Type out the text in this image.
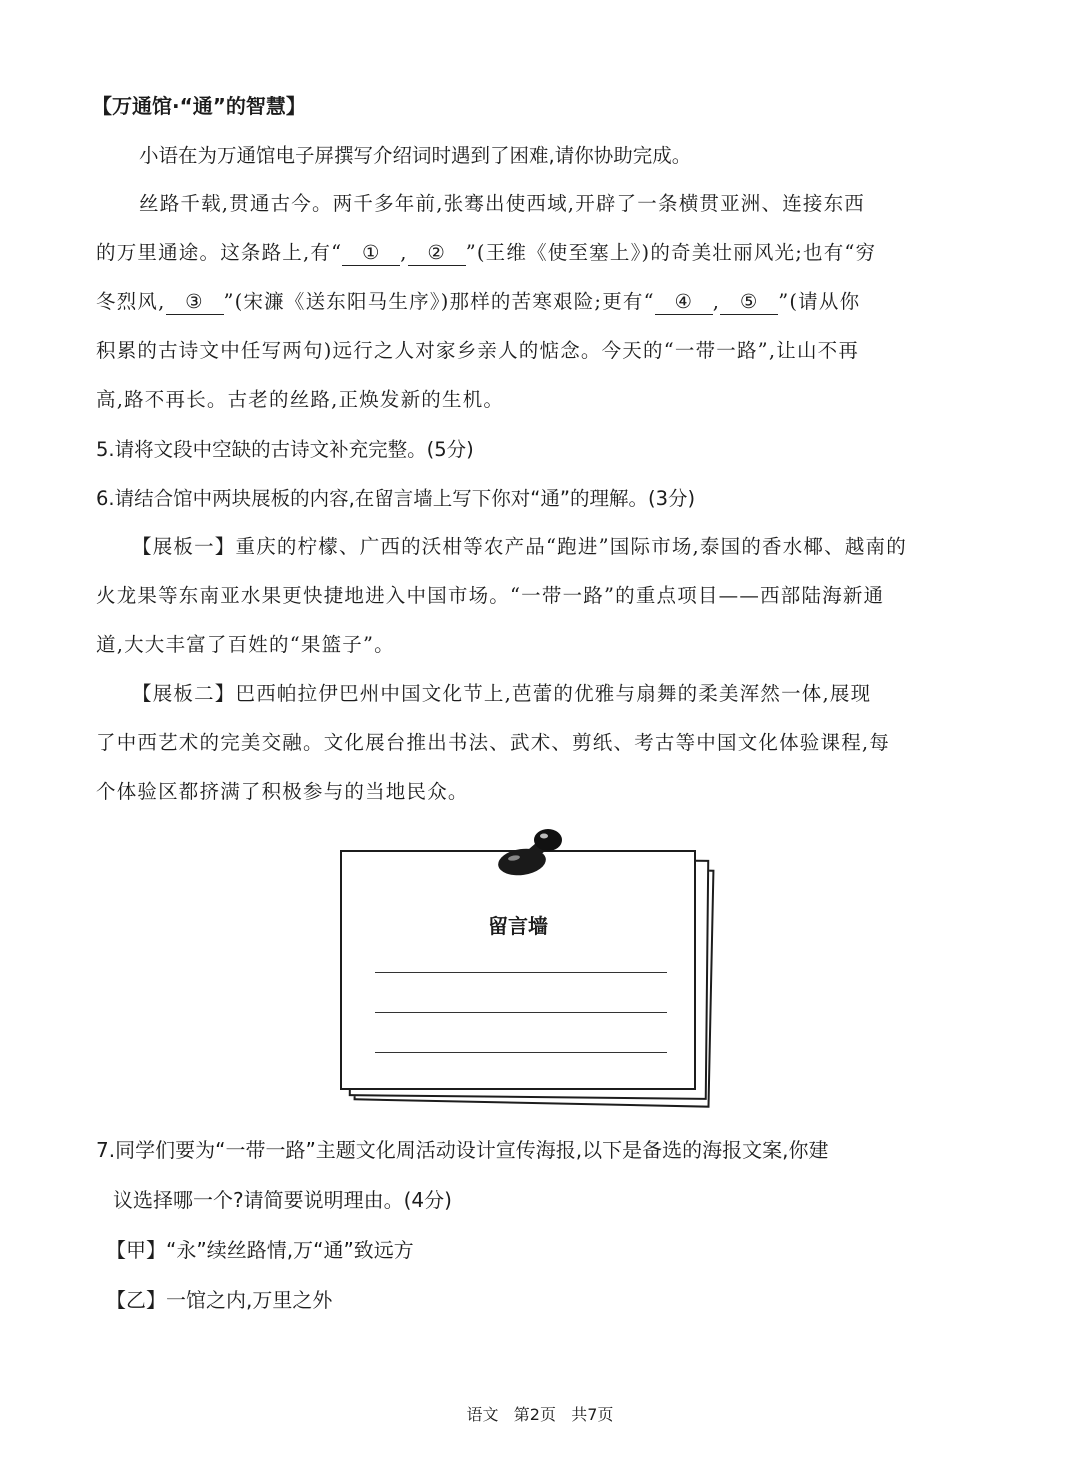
【万通馆·“通”的智慧】
小语在为万通馆电子屏撰写介绍词时遇到了困难,请你协助完成。
丝路千载,贯通古今。两千多年前,张骞出使西域,开辟了一条横贯亚洲、连接东西
的万里通途。这条路上,有“ ① , ② ”(王维《使至塞上》)的奇美壮丽风光;也有“穷
冬烈风, ③ ”(宋濂《送东阳马生序》)那样的苦寒艰险;更有“ ④ , ⑤ ”(请从你
积累的古诗文中任写两句)远行之人对家乡亲人的惦念。今天的“一带一路”,让山不再
高,路不再长。古老的丝路,正焕发新的生机。
5.请将文段中空缺的古诗文补充完整。(5分)
6.请结合馆中两块展板的内容,在留言墙上写下你对“通”的理解。(3分)
【展板一】重庆的柠檬、广西的沃柑等农产品“跑进”国际市场,泰国的香水椰、越南的
火龙果等东南亚水果更快捷地进入中国市场。“一带一路”的重点项目——西部陆海新通
道,大大丰富了百姓的“果篮子”。
【展板二】巴西帕拉伊巴州中国文化节上,芭蕾的优雅与扇舞的柔美浑然一体,展现
了中西艺术的完美交融。文化展台推出书法、武术、剪纸、考古等中国文化体验课程,每
个体验区都挤满了积极参与的当地民众。
留言墙
7.同学们要为“一带一路”主题文化周活动设计宣传海报,以下是备选的海报文案,你建
议选择哪一个?请简要说明理由。(4分)
【甲】“永”续丝路情,万“通”致远方
【乙】一馆之内,万里之外
语文   第2页   共7页
